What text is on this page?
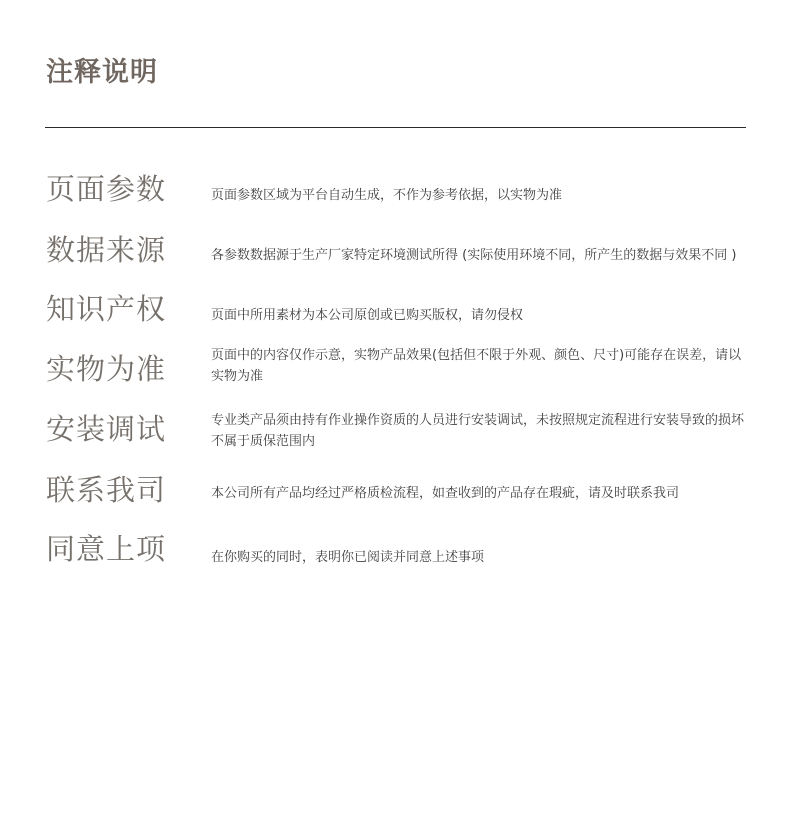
注释说明
页面参数	页面参数区域为平台自动生成，不作为参考依据，以实物为准
数据来源	各参数数据源于生产厂家特定环境测试所得 (实际使用环境不同，所产生的数据与效果不同 )
知识产权	页面中所用素材为本公司原创或已购买版权，请勿侵权
实物为准	页面中的内容仅作示意，实物产品效果(包括但不限于外观、颜色、尺寸)可能存在误差，请以实物为准
安装调试	专业类产品须由持有作业操作资质的人员进行安装调试，未按照规定流程进行安装导致的损坏不属于质保范围内
联系我司	本公司所有产品均经过严格质检流程，如查收到的产品存在瑕疵，请及时联系我司
同意上项	在你购买的同时，表明你已阅读并同意上述事项
